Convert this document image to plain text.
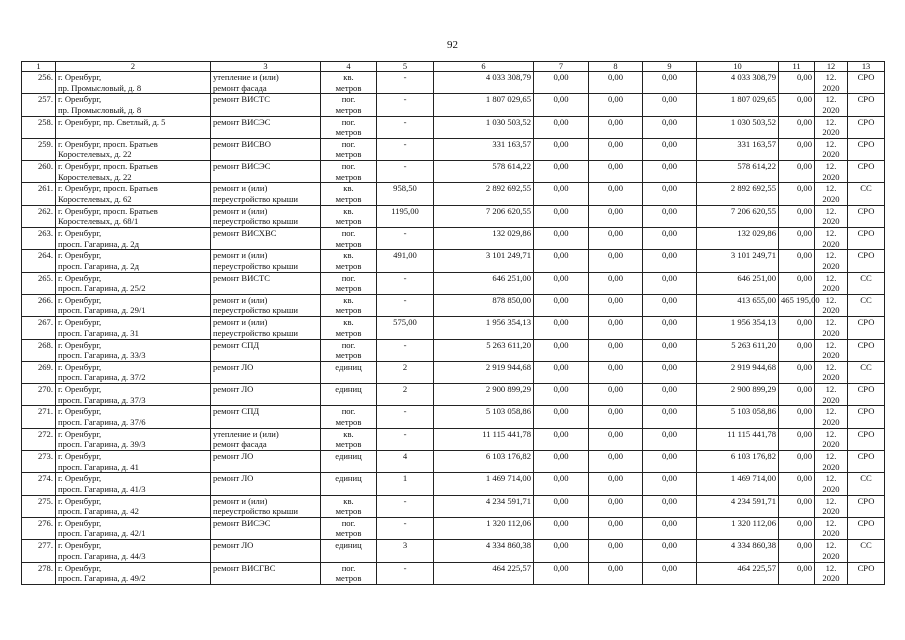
92
1	2	3	4	5	6	7	8	9	10	11	12	13
256.	г. Оренбург,
пр. Промысловый, д. 8	утепление и (или)
ремонт фасада	кв.
метров	-	4 033 308,79	0,00	0,00	0,00	4 033 308,79	0,00	12.
2020	СРО
257.	г. Оренбург,
пр. Промысловый, д. 8	ремонт ВИСТС	пог.
метров	-	1 807 029,65	0,00	0,00	0,00	1 807 029,65	0,00	12.
2020	СРО
258.	г. Оренбург, пр. Светлый, д. 5	ремонт ВИСЭС	пог.
метров	-	1 030 503,52	0,00	0,00	0,00	1 030 503,52	0,00	12.
2020	СРО
259.	г. Оренбург, просп. Братьев
Коростелевых, д. 22	ремонт ВИСВО	пог.
метров	-	331 163,57	0,00	0,00	0,00	331 163,57	0,00	12.
2020	СРО
260.	г. Оренбург, просп. Братьев
Коростелевых, д. 22	ремонт ВИСЭС	пог.
метров	-	578 614,22	0,00	0,00	0,00	578 614,22	0,00	12.
2020	СРО
261.	г. Оренбург, просп. Братьев
Коростелевых, д. 62	ремонт и (или)
переустройство крыши	кв.
метров	958,50	2 892 692,55	0,00	0,00	0,00	2 892 692,55	0,00	12.
2020	СС
262.	г. Оренбург, просп. Братьев
Коростелевых, д. 68/1	ремонт и (или)
переустройство крыши	кв.
метров	1195,00	7 206 620,55	0,00	0,00	0,00	7 206 620,55	0,00	12.
2020	СРО
263.	г. Оренбург,
просп. Гагарина, д. 2д	ремонт ВИСХВС	пог.
метров	-	132 029,86	0,00	0,00	0,00	132 029,86	0,00	12.
2020	СРО
264.	г. Оренбург,
просп. Гагарина, д. 2д	ремонт и (или)
переустройство крыши	кв.
метров	491,00	3 101 249,71	0,00	0,00	0,00	3 101 249,71	0,00	12.
2020	СРО
265.	г. Оренбург,
просп. Гагарина, д. 25/2	ремонт ВИСТС	пог.
метров	-	646 251,00	0,00	0,00	0,00	646 251,00	0,00	12.
2020	СС
266.	г. Оренбург,
просп. Гагарина, д. 29/1	ремонт и (или)
переустройство крыши	кв.
метров	-	878 850,00	0,00	0,00	0,00	413 655,00	465 195,00	12.
2020	СС
267.	г. Оренбург,
просп. Гагарина, д. 31	ремонт и (или)
переустройство крыши	кв.
метров	575,00	1 956 354,13	0,00	0,00	0,00	1 956 354,13	0,00	12.
2020	СРО
268.	г. Оренбург,
просп. Гагарина, д. 33/3	ремонт СПД	пог.
метров	-	5 263 611,20	0,00	0,00	0,00	5 263 611,20	0,00	12.
2020	СРО
269.	г. Оренбург,
просп. Гагарина, д. 37/2	ремонт ЛО	единиц	2	2 919 944,68	0,00	0,00	0,00	2 919 944,68	0,00	12.
2020	СС
270.	г. Оренбург,
просп. Гагарина, д. 37/3	ремонт ЛО	единиц	2	2 900 899,29	0,00	0,00	0,00	2 900 899,29	0,00	12.
2020	СРО
271.	г. Оренбург,
просп. Гагарина, д. 37/6	ремонт СПД	пог.
метров	-	5 103 058,86	0,00	0,00	0,00	5 103 058,86	0,00	12.
2020	СРО
272.	г. Оренбург,
просп. Гагарина, д. 39/3	утепление и (или)
ремонт фасада	кв.
метров	-	11 115 441,78	0,00	0,00	0,00	11 115 441,78	0,00	12.
2020	СРО
273.	г. Оренбург,
просп. Гагарина, д. 41	ремонт ЛО	единиц	4	6 103 176,82	0,00	0,00	0,00	6 103 176,82	0,00	12.
2020	СРО
274.	г. Оренбург,
просп. Гагарина, д. 41/3	ремонт ЛО	единиц	1	1 469 714,00	0,00	0,00	0,00	1 469 714,00	0,00	12.
2020	СС
275.	г. Оренбург,
просп. Гагарина, д. 42	ремонт и (или)
переустройство крыши	кв.
метров	-	4 234 591,71	0,00	0,00	0,00	4 234 591,71	0,00	12.
2020	СРО
276.	г. Оренбург,
просп. Гагарина, д. 42/1	ремонт ВИСЭС	пог.
метров	-	1 320 112,06	0,00	0,00	0,00	1 320 112,06	0,00	12.
2020	СРО
277.	г. Оренбург,
просп. Гагарина, д. 44/3	ремонт ЛО	единиц	3	4 334 860,38	0,00	0,00	0,00	4 334 860,38	0,00	12.
2020	СС
278.	г. Оренбург,
просп. Гагарина, д. 49/2	ремонт ВИСГВС	пог.
метров	-	464 225,57	0,00	0,00	0,00	464 225,57	0,00	12.
2020	СРО
